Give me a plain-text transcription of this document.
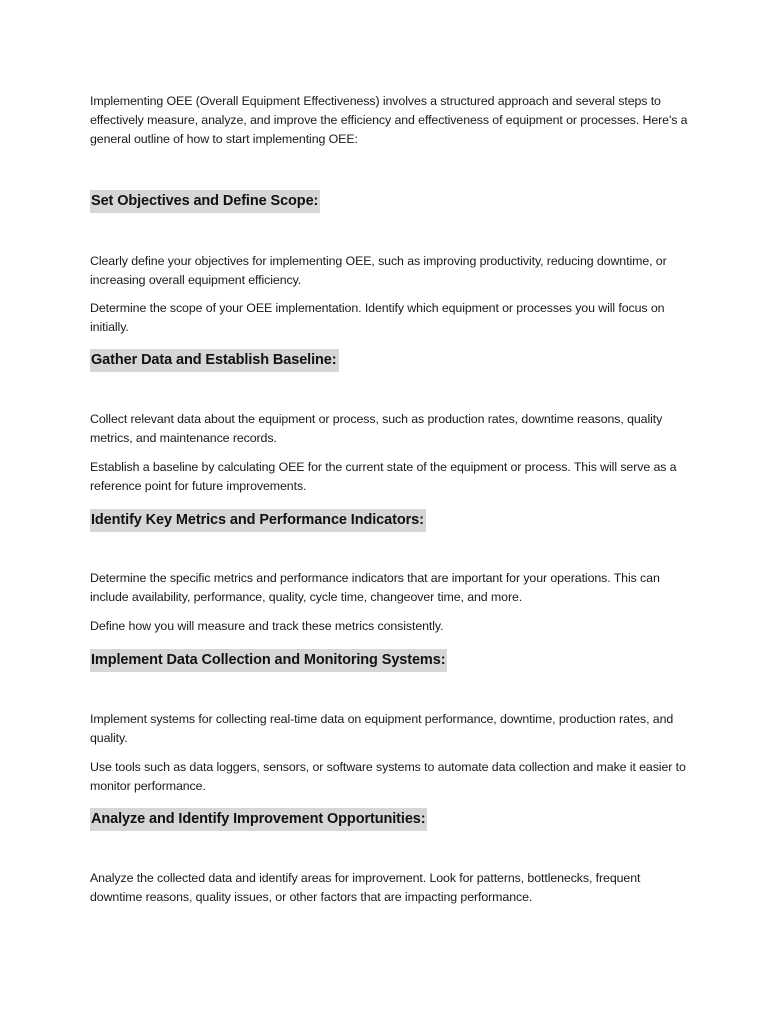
Implementing OEE (Overall Equipment Effectiveness) involves a structured approach and several steps to effectively measure, analyze, and improve the efficiency and effectiveness of equipment or processes. Here's a general outline of how to start implementing OEE:

Set Objectives and Define Scope:

Clearly define your objectives for implementing OEE, such as improving productivity, reducing downtime, or increasing overall equipment efficiency.

Determine the scope of your OEE implementation. Identify which equipment or processes you will focus on initially.

Gather Data and Establish Baseline:

Collect relevant data about the equipment or process, such as production rates, downtime reasons, quality metrics, and maintenance records.

Establish a baseline by calculating OEE for the current state of the equipment or process. This will serve as a reference point for future improvements.

Identify Key Metrics and Performance Indicators:

Determine the specific metrics and performance indicators that are important for your operations. This can include availability, performance, quality, cycle time, changeover time, and more.

Define how you will measure and track these metrics consistently.

Implement Data Collection and Monitoring Systems:

Implement systems for collecting real-time data on equipment performance, downtime, production rates, and quality.

Use tools such as data loggers, sensors, or software systems to automate data collection and make it easier to monitor performance.

Analyze and Identify Improvement Opportunities:

Analyze the collected data and identify areas for improvement. Look for patterns, bottlenecks, frequent downtime reasons, quality issues, or other factors that are impacting performance.
